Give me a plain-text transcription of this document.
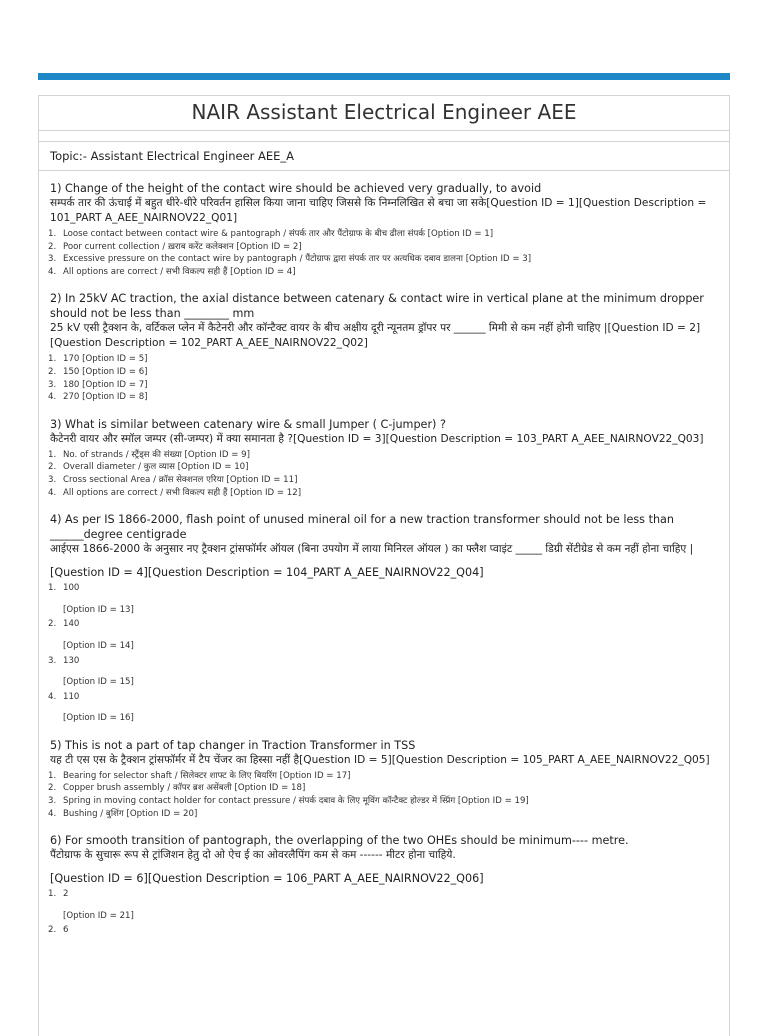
NAIR Assistant Electrical Engineer AEE
Topic:- Assistant Electrical Engineer AEE_A
1) Change of the height of the contact wire should be achieved very gradually, to avoid
सम्पर्क तार की ऊंचाई में बहुत धीरे-धीरे परिवर्तन हासिल किया जाना चाहिए जिससे कि निम्नलिखित से बचा जा सके[Question ID = 1][Question Description = 101_PART A_AEE_NAIRNOV22_Q01]
1. Loose contact between contact wire & pantograph / संपर्क तार और पैंटोग्राफ के बीच ढीला संपर्क [Option ID = 1]
2. Poor current collection / ख़राब करेंट कलेक्शन [Option ID = 2]
3. Excessive pressure on the contact wire by pantograph / पैंटोग्राफ द्वारा संपर्क तार पर अत्यधिक दबाव डालना [Option ID = 3]
4. All options are correct / सभी विकल्प सही हैं [Option ID = 4]
2) In 25kV AC traction, the axial distance between catenary & contact wire in vertical plane at the minimum dropper should not be less than ________ mm
25 kV एसी ट्रैक्शन के, वर्टिकल प्लेन में कैटेनरी और कॉन्टैक्ट वायर के बीच अक्षीय दूरी न्यूनतम ड्रॉपर पर ______ मिमी से कम नहीं होनी चाहिए |[Question ID = 2][Question Description = 102_PART A_AEE_NAIRNOV22_Q02]
1. 170 [Option ID = 5]
2. 150 [Option ID = 6]
3. 180 [Option ID = 7]
4. 270 [Option ID = 8]
3) What is similar between catenary wire & small Jumper ( C-jumper) ?
कैटेनरी वायर और स्मॉल जम्पर (सी-जम्पर) में क्या समानता है ?[Question ID = 3][Question Description = 103_PART A_AEE_NAIRNOV22_Q03]
1. No. of strands / स्ट्रैंड्स की संख्या [Option ID = 9]
2. Overall diameter / कुल व्यास [Option ID = 10]
3. Cross sectional Area / क्रॉस सेक्शनल एरिया [Option ID = 11]
4. All options are correct / सभी विकल्प सही हैं [Option ID = 12]
4) As per IS 1866-2000, flash point of unused mineral oil for a new traction transformer should not be less than ______degree centigrade
आईएस 1866-2000 के अनुसार नए ट्रैक्शन ट्रांसफॉर्मर ऑयल (बिना उपयोग में लाया मिनिरल ऑयल ) का फ्लैश प्वाइंट _____ डिग्री सेंटीग्रेड से कम नहीं होना चाहिए |
[Question ID = 4][Question Description = 104_PART A_AEE_NAIRNOV22_Q04]
1. 100
[Option ID = 13]
2. 140
[Option ID = 14]
3. 130
[Option ID = 15]
4. 110
[Option ID = 16]
5) This is not a part of tap changer in Traction Transformer in TSS
यह टी एस एस के ट्रैक्शन ट्रांसफॉर्मर में टैप चेंजर का हिस्सा नहीं है[Question ID = 5][Question Description = 105_PART A_AEE_NAIRNOV22_Q05]
1. Bearing for selector shaft / सिलेक्टर शाफ्ट के लिए बियरिंग [Option ID = 17]
2. Copper brush assembly / कॉपर ब्रश असेंबली [Option ID = 18]
3. Spring in moving contact holder for contact pressure / संपर्क दबाव के लिए मूविंग कॉन्टैक्ट होल्डर में स्प्रिंग [Option ID = 19]
4. Bushing / बुशिंग [Option ID = 20]
6) For smooth transition of pantograph, the overlapping of the two OHEs should be minimum---- metre.
पैंटोग्राफ के सुचारू रूप से ट्रांजिशन हेतु दो ओ ऐच ई का ओवरलैपिंग कम से कम ------ मीटर होना चाहिये.
[Question ID = 6][Question Description = 106_PART A_AEE_NAIRNOV22_Q06]
1. 2
[Option ID = 21]
2. 6
